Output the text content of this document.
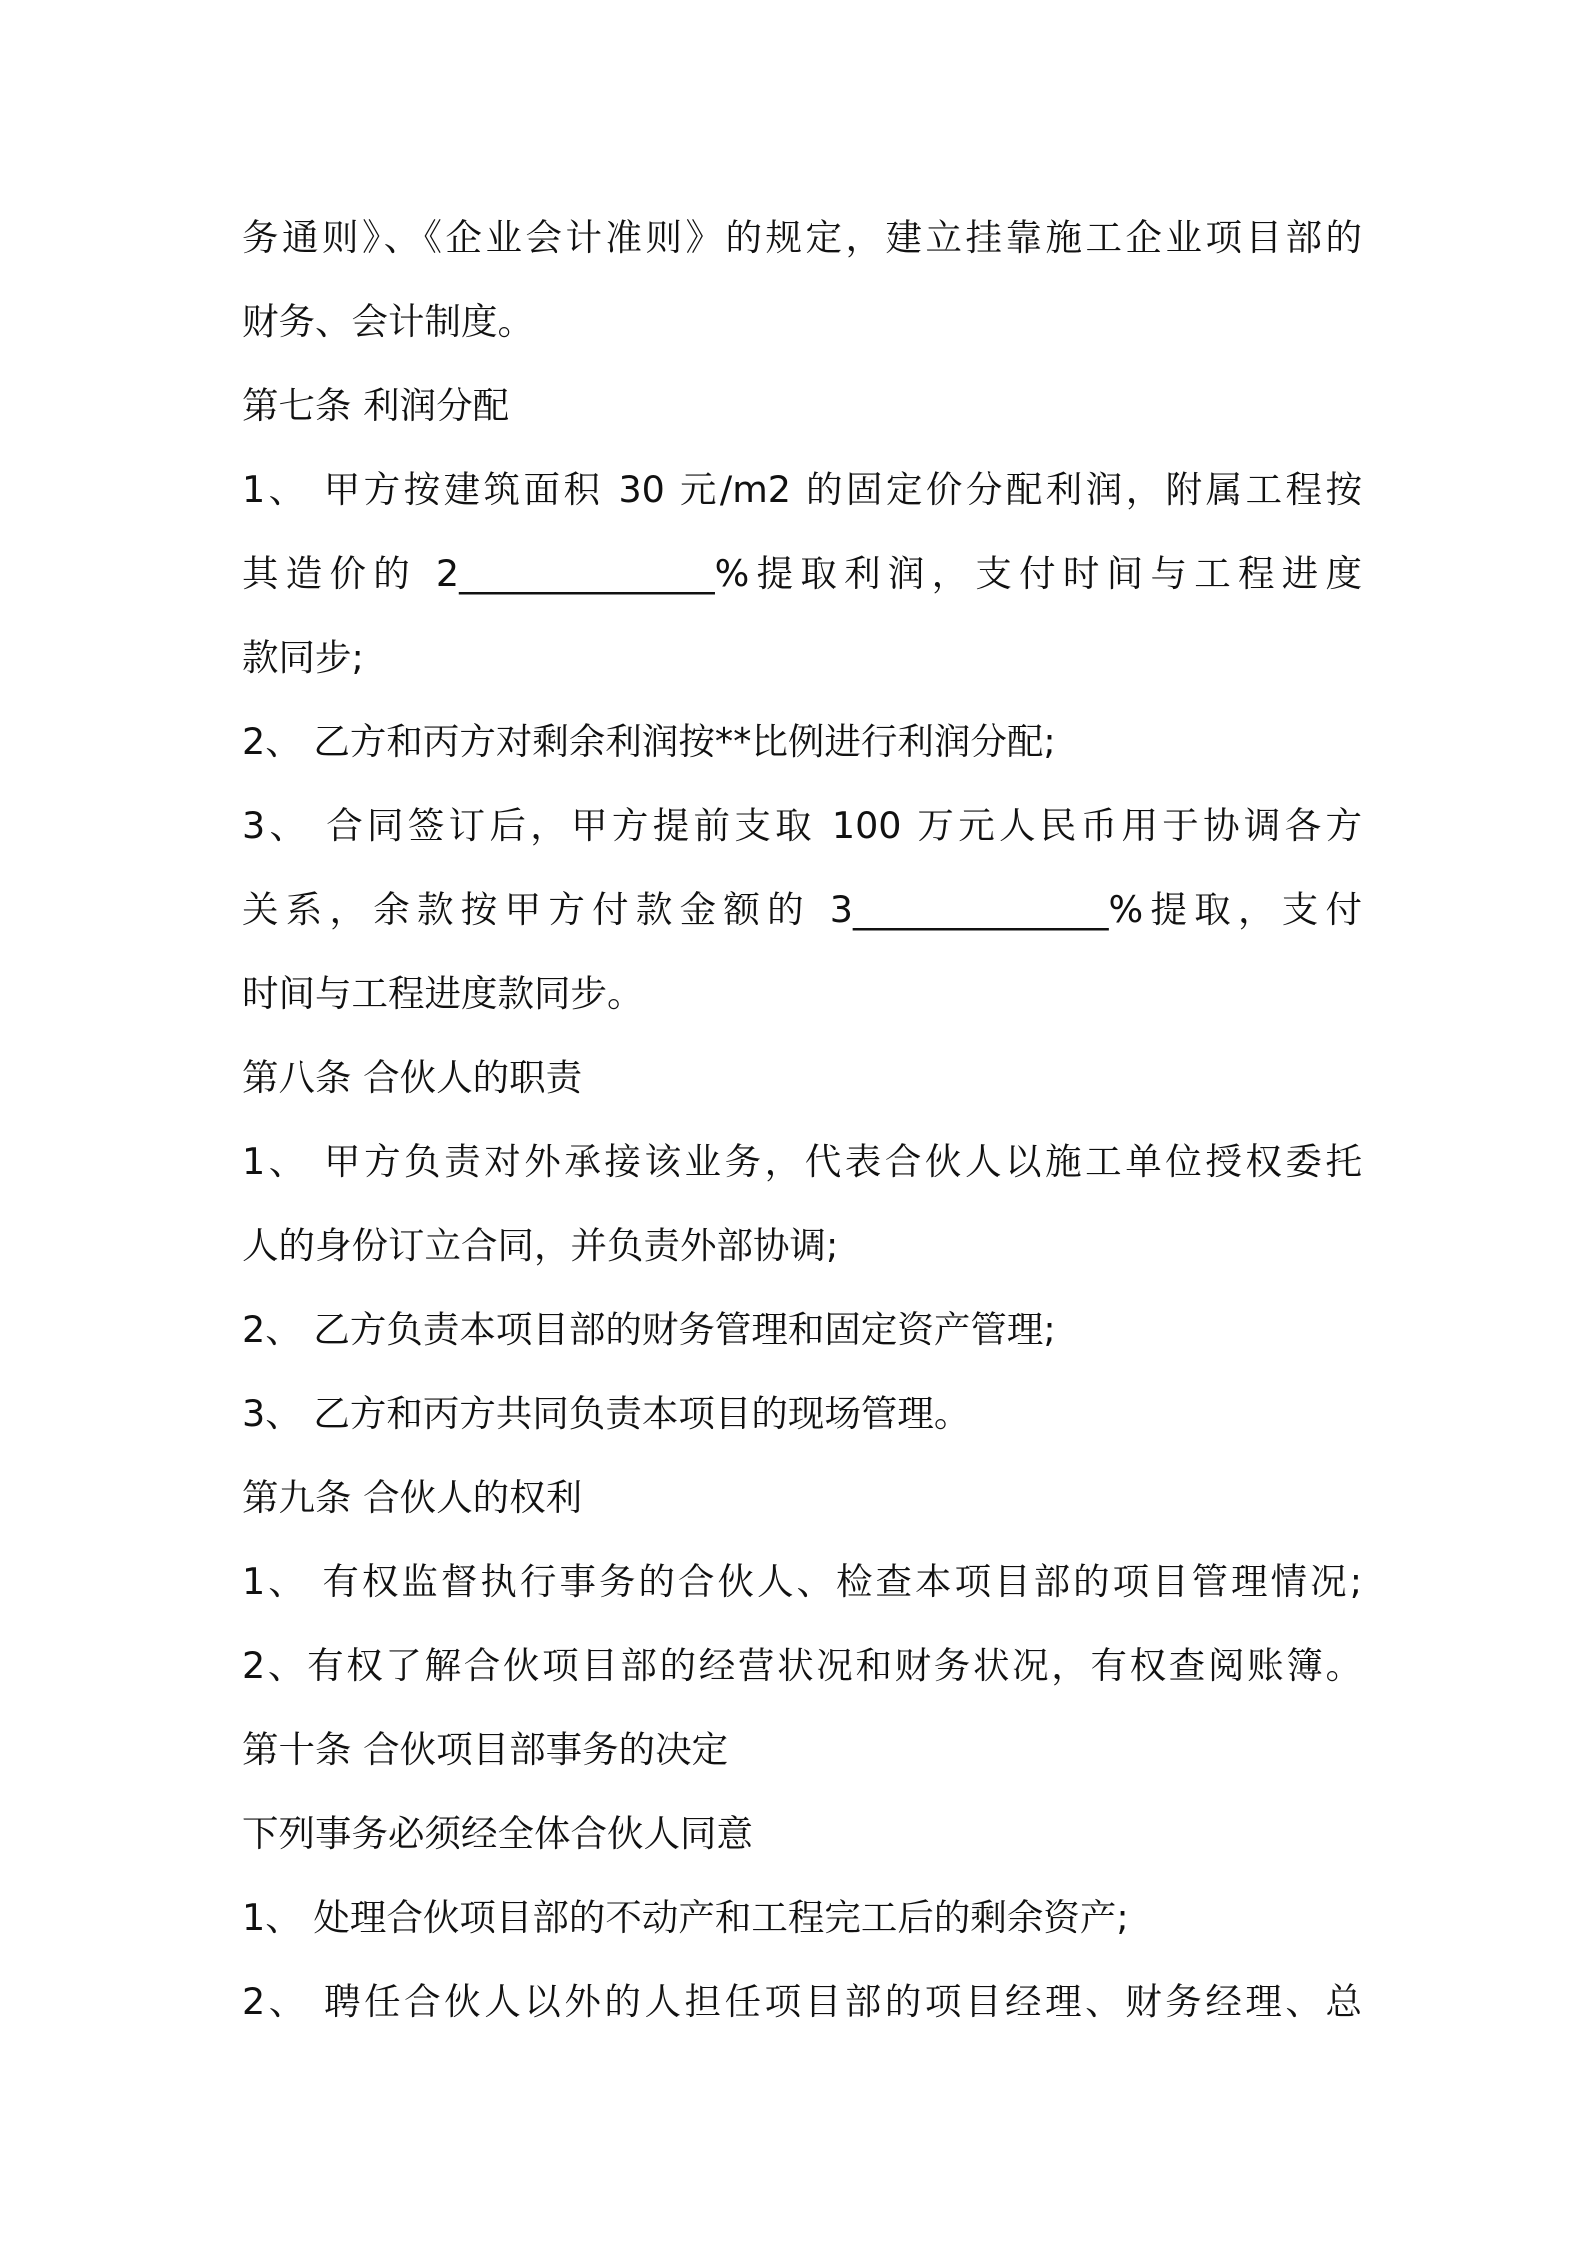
务通则》、《企业会计准则》的规定，建立挂靠施工企业项目部的
财务、会计制度。
第七条 利润分配
1、 甲方按建筑面积 30 元/m2 的固定价分配利润，附属工程按
其造价的 2______________%提取利润，支付时间与工程进度
款同步;
2、 乙方和丙方对剩余利润按**比例进行利润分配;
3、 合同签订后，甲方提前支取 100 万元人民币用于协调各方
关系，余款按甲方付款金额的 3______________%提取，支付
时间与工程进度款同步。
第八条 合伙人的职责
1、 甲方负责对外承接该业务，代表合伙人以施工单位授权委托
人的身份订立合同，并负责外部协调;
2、 乙方负责本项目部的财务管理和固定资产管理;
3、 乙方和丙方共同负责本项目的现场管理。
第九条 合伙人的权利
1、 有权监督执行事务的合伙人、检查本项目部的项目管理情况;
2、有权了解合伙项目部的经营状况和财务状况，有权查阅账簿。
第十条 合伙项目部事务的决定
下列事务必须经全体合伙人同意
1、 处理合伙项目部的不动产和工程完工后的剩余资产;
2、 聘任合伙人以外的人担任项目部的项目经理、财务经理、总
